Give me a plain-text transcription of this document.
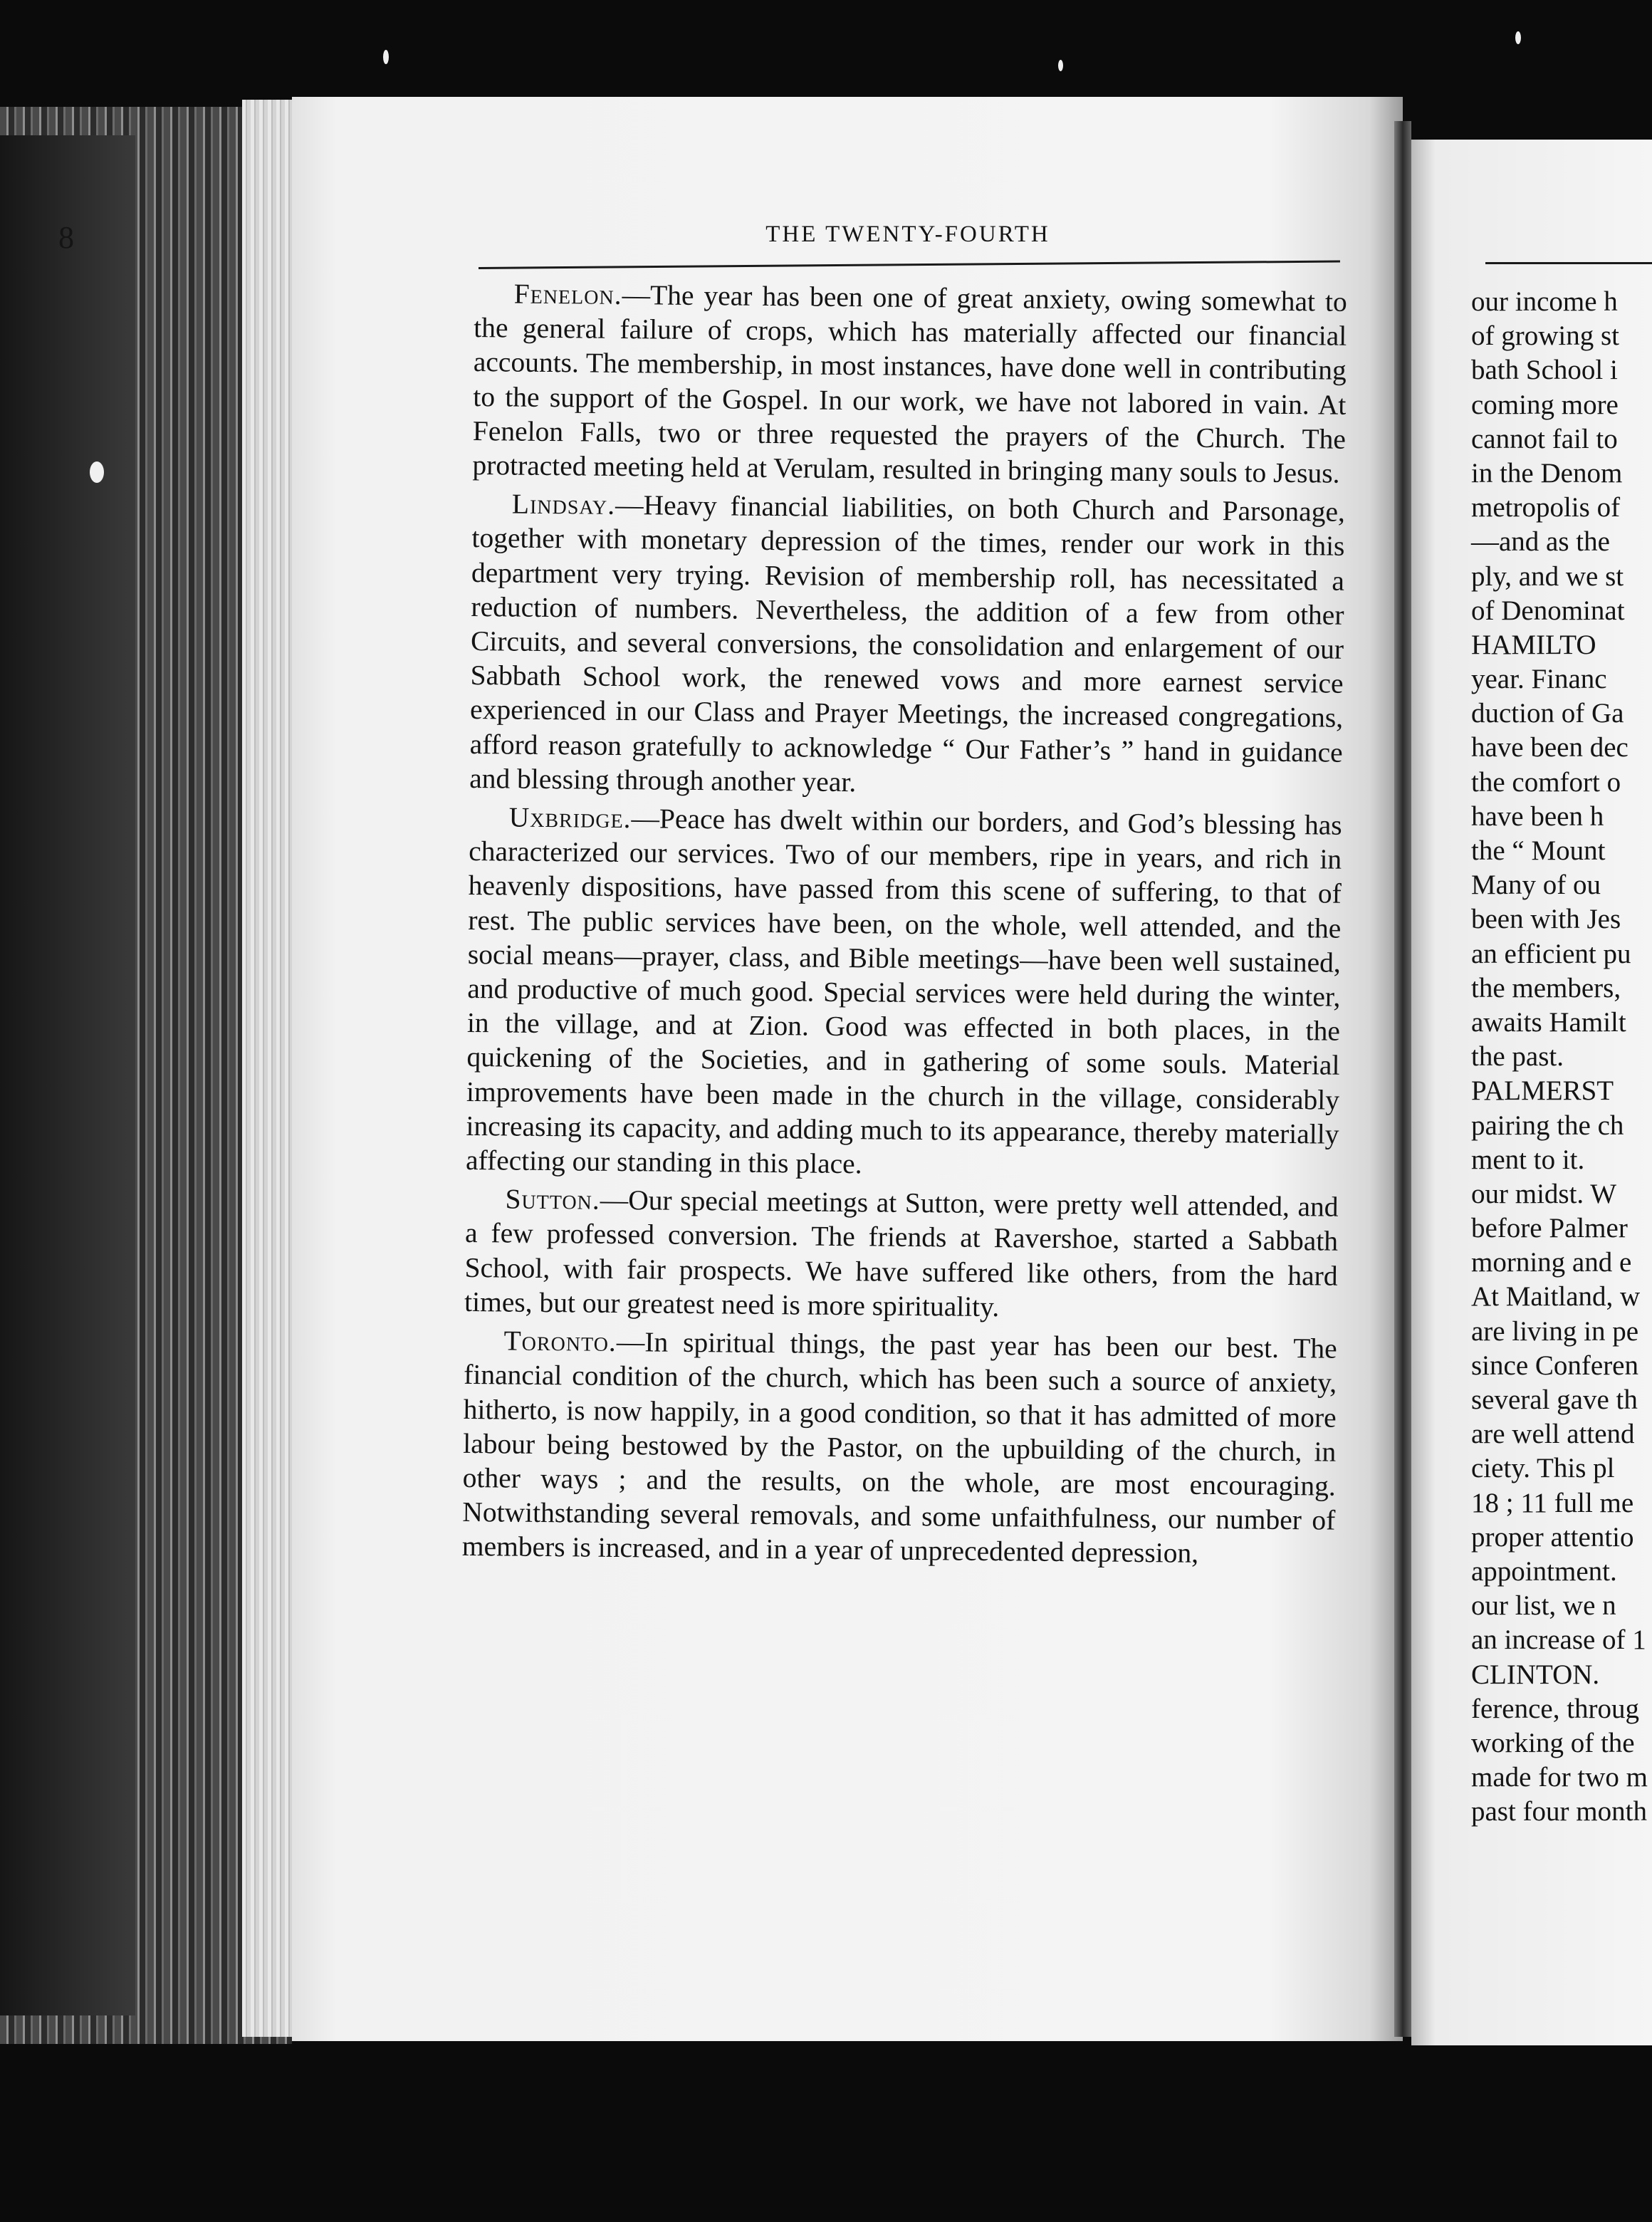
8	THE TWENTY-FOURTH

Fenelon.—The year has been one of great anxiety, owing somewhat to the general failure of crops, which has materially affected our financial accounts. The membership, in most instances, have done well in contributing to the support of the Gospel. In our work, we have not labored in vain. At Fenelon Falls, two or three requested the prayers of the Church. The protracted meeting held at Verulam, resulted in bringing many souls to Jesus.

Lindsay.—Heavy financial liabilities, on both Church and Parsonage, together with monetary depression of the times, render our work in this department very trying. Revision of membership roll, has necessitated a reduction of numbers. Nevertheless, the addition of a few from other Circuits, and several conversions, the consolidation and enlargement of our Sabbath School work, the renewed vows and more earnest service experienced in our Class and Prayer Meetings, the increased congregations, afford reason gratefully to acknowledge “ Our Father’s ” hand in guidance and blessing through another year.

Uxbridge.—Peace has dwelt within our borders, and God’s blessing has characterized our services. Two of our members, ripe in years, and rich in heavenly dispositions, have passed from this scene of suffering, to that of rest. The public services have been, on the whole, well attended, and the social means—prayer, class, and Bible meetings—have been well sustained, and productive of much good. Special services were held during the winter, in the village, and at Zion. Good was effected in both places, in the quickening of the Societies, and in gathering of some souls. Material improvements have been made in the church in the village, considerably increasing its capacity, and adding much to its appearance, thereby materially affecting our standing in this place.

Sutton.—Our special meetings at Sutton, were pretty well attended, and a few professed conversion. The friends at Ravershoe, started a Sabbath School, with fair prospects. We have suffered like others, from the hard times, but our greatest need is more spirituality.

Toronto.—In spiritual things, the past year has been our best. The financial condition of the church, which has been such a source of anxiety, hitherto, is now happily, in a good condition, so that it has admitted of more labour being bestowed by the Pastor, on the upbuilding of the church, in other ways ; and the results, on the whole, are most encouraging. Notwithstanding several removals, and some unfaithfulness, our number of members is increased, and in a year of unprecedented depression,

our income h
of growing st
bath School i
coming more
cannot fail to
in the Denom
metropolis of
—and as the
ply, and we st
of Denominat
HAMILTO
year. Financ
duction of Ga
have been dec
the comfort o
have been h
the “ Mount
Many of ou
been with Jes
an efficient pu
the members,
awaits Hamilt
the past.
PALMERST
pairing the ch
ment to it.
our midst. W
before Palmer
morning and e
At Maitland, w
are living in pe
since Conferen
several gave th
are well attend
ciety. This pl
18 ; 11 full me
proper attentio
appointment.
our list, we n
an increase of 1
CLINTON.
ference, throug
working of the
made for two m
past four month
